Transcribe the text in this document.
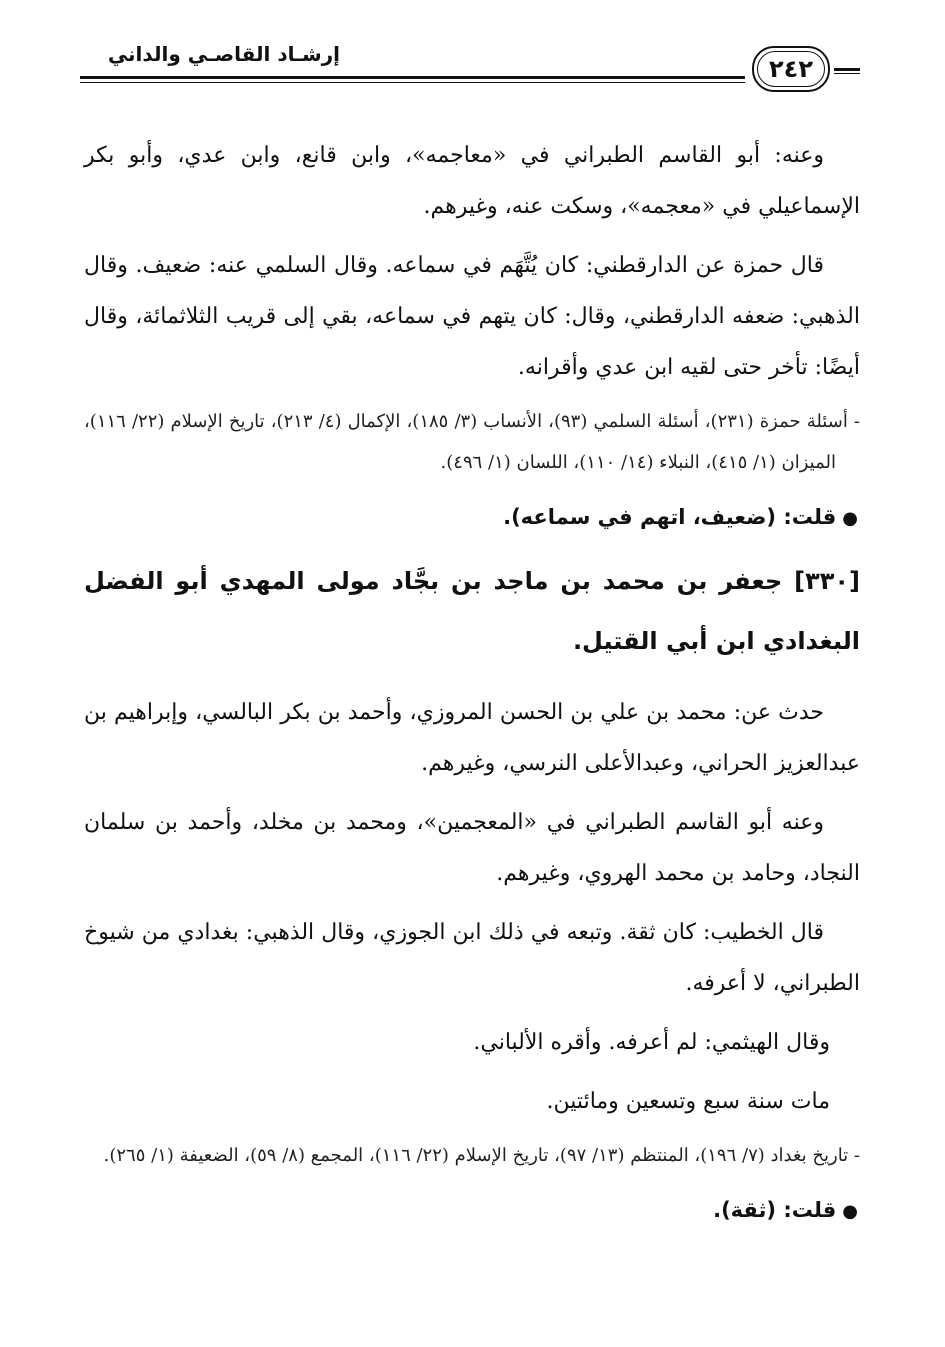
إرشـاد القاصـي والداني
٢٤٢

وعنه: أبو القاسم الطبراني في «معاجمه»، وابن قانع، وابن عدي، وأبو بكر الإسماعيلي في «معجمه»، وسكت عنه، وغيرهم.

قال حمزة عن الدارقطني: كان يُتَّهَم في سماعه. وقال السلمي عنه: ضعيف. وقال الذهبي: ضعفه الدارقطني، وقال: كان يتهم في سماعه، بقي إلى قريب الثلاثمائة، وقال أيضًا: تأخر حتى لقيه ابن عدي وأقرانه.

- أسئلة حمزة (٢٣١)، أسئلة السلمي (٩٣)، الأنساب (٣/ ١٨٥)، الإكمال (٤/ ٢١٣)، تاريخ الإسلام (٢٢/ ١١٦)، الميزان (١/ ٤١٥)، النبلاء (١٤/ ١١٠)، اللسان (١/ ٤٩٦).

●قلت: (ضعيف، اتهم في سماعه).

[٣٣٠] جعفر بن محمد بن ماجد بن بجَّاد مولى المهدي أبو الفضل البغدادي ابن أبي القتيل.

حدث عن: محمد بن علي بن الحسن المروزي، وأحمد بن بكر البالسي، وإبراهيم بن عبدالعزيز الحراني، وعبدالأعلى النرسي، وغيرهم.

وعنه أبو القاسم الطبراني في «المعجمين»، ومحمد بن مخلد، وأحمد بن سلمان النجاد، وحامد بن محمد الهروي، وغيرهم.

قال الخطيب: كان ثقة. وتبعه في ذلك ابن الجوزي، وقال الذهبي: بغدادي من شيوخ الطبراني، لا أعرفه.

وقال الهيثمي: لم أعرفه. وأقره الألباني.

مات سنة سبع وتسعين ومائتين.

- تاريخ بغداد (٧/ ١٩٦)، المنتظم (١٣/ ٩٧)، تاريخ الإسلام (٢٢/ ١١٦)، المجمع (٨/ ٥٩)، الضعيفة (١/ ٢٦٥).

●قلت: (ثقة).
